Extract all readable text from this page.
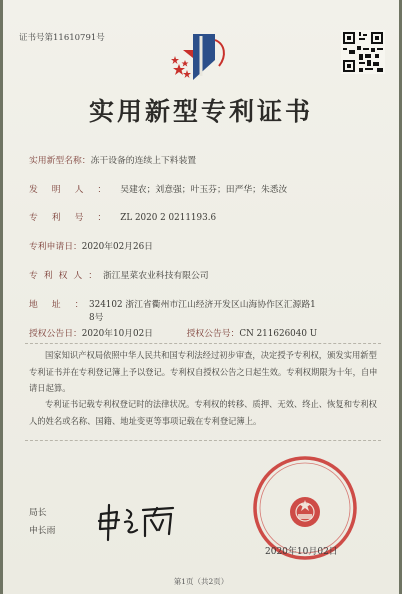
证书号第11610791号
实用新型专利证书
实用新型名称：冻干设备的连续上下料装置
发明人：吴建农；刘意强；叶玉芬；田严华；朱悉汝
专利号：ZL 2020 2 0211193.6
专利申请日：2020年02月26日
专利权人：浙江星菜农业科技有限公司
地址：324102 浙江省衢州市江山经济开发区山海协作区汇源路1
8号
授权公告日：2020年10月02日	授权公告号：CN 211626040 U
国家知识产权局依照中华人民共和国专利法经过初步审查，决定授予专利权，颁发实用新型专利证书并在专利登记簿上予以登记。专利权自授权公告之日起生效。专利权期限为十年，自申请日起算。
专利证书记载专利权登记时的法律状况。专利权的转移、质押、无效、终止、恢复和专利权人的姓名或名称、国籍、地址变更等事项记载在专利登记簿上。
局长
申长雨
2020年10月02日
第1页（共2页）
